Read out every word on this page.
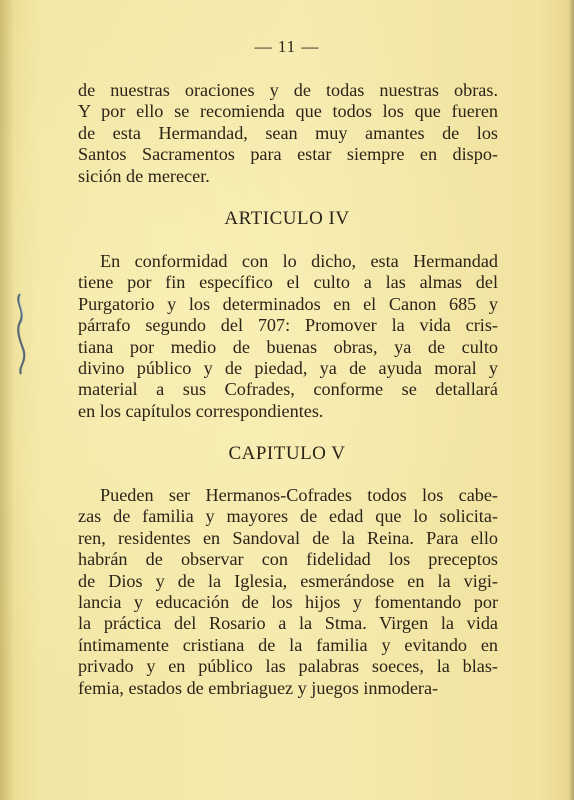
— 11 —
de nuestras oraciones y de todas nuestras obras.
Y por ello se recomienda que todos los que fueren
de esta Hermandad, sean muy amantes de los
Santos Sacramentos para estar siempre en dispo-
sición de merecer.
ARTICULO IV
En conformidad con lo dicho, esta Hermandad
tiene por fin específico el culto a las almas del
Purgatorio y los determinados en el Canon 685 y
párrafo segundo del 707: Promover la vida cris-
tiana por medio de buenas obras, ya de culto
divino público y de piedad, ya de ayuda moral y
material a sus Cofrades, conforme se detallará
en los capítulos correspondientes.
CAPITULO V
Pueden ser Hermanos-Cofrades todos los cabe-
zas de familia y mayores de edad que lo solicita-
ren, residentes en Sandoval de la Reina. Para ello
habrán de observar con fidelidad los preceptos
de Dios y de la Iglesia, esmerándose en la vigi-
lancia y educación de los hijos y fomentando por
la práctica del Rosario a la Stma. Virgen la vida
íntimamente cristiana de la familia y evitando en
privado y en público las palabras soeces, la blas-
femia, estados de embriaguez y juegos inmodera-
